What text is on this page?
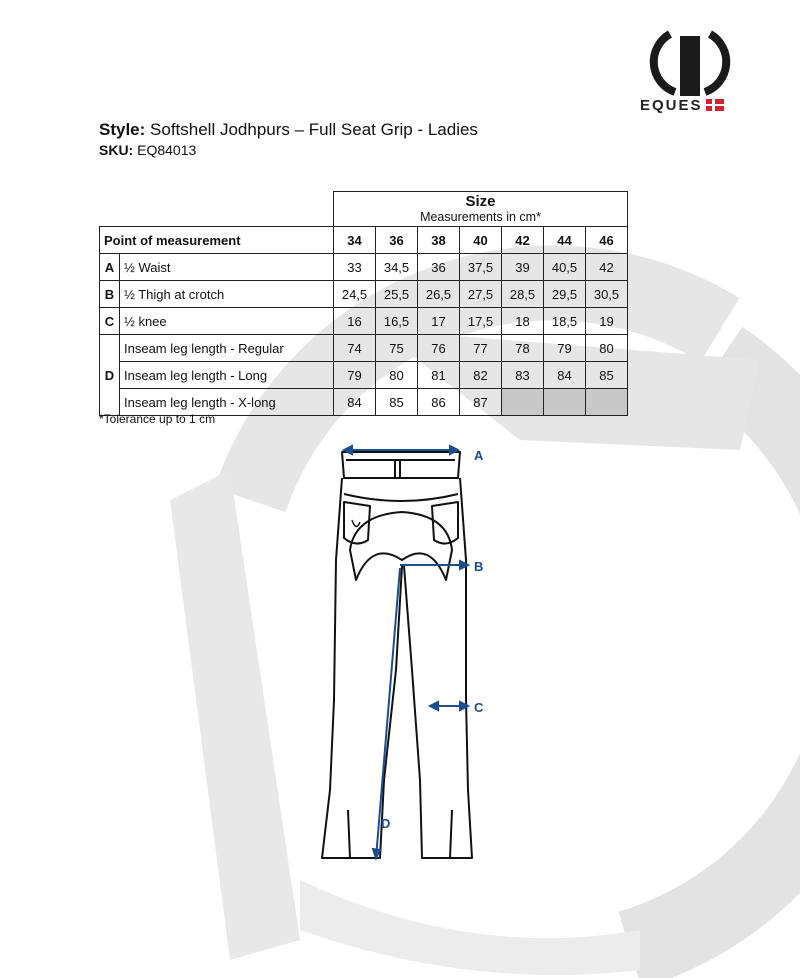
EQUES
Style: Softshell Jodhpurs – Full Seat Grip - Ladies
SKU: EQ84013

		Size
Measurements in cm*						

Point of measurement		34	36	38	40	42	44	46
A	½ Waist	33	34,5	36	37,5	39	40,5	42
B	½ Thigh at crotch	24,5	25,5	26,5	27,5	28,5	29,5	30,5
C	½ knee	16	16,5	17	17,5	18	18,5	19
D	Inseam leg length - Regular	74	75	76	77	78	79	80
	Inseam leg length - Long	79	80	81	82	83	84	85
	Inseam leg length - X-long	84	85	86	87			
*Tolerance up to 1 cm
A
B
C
D
